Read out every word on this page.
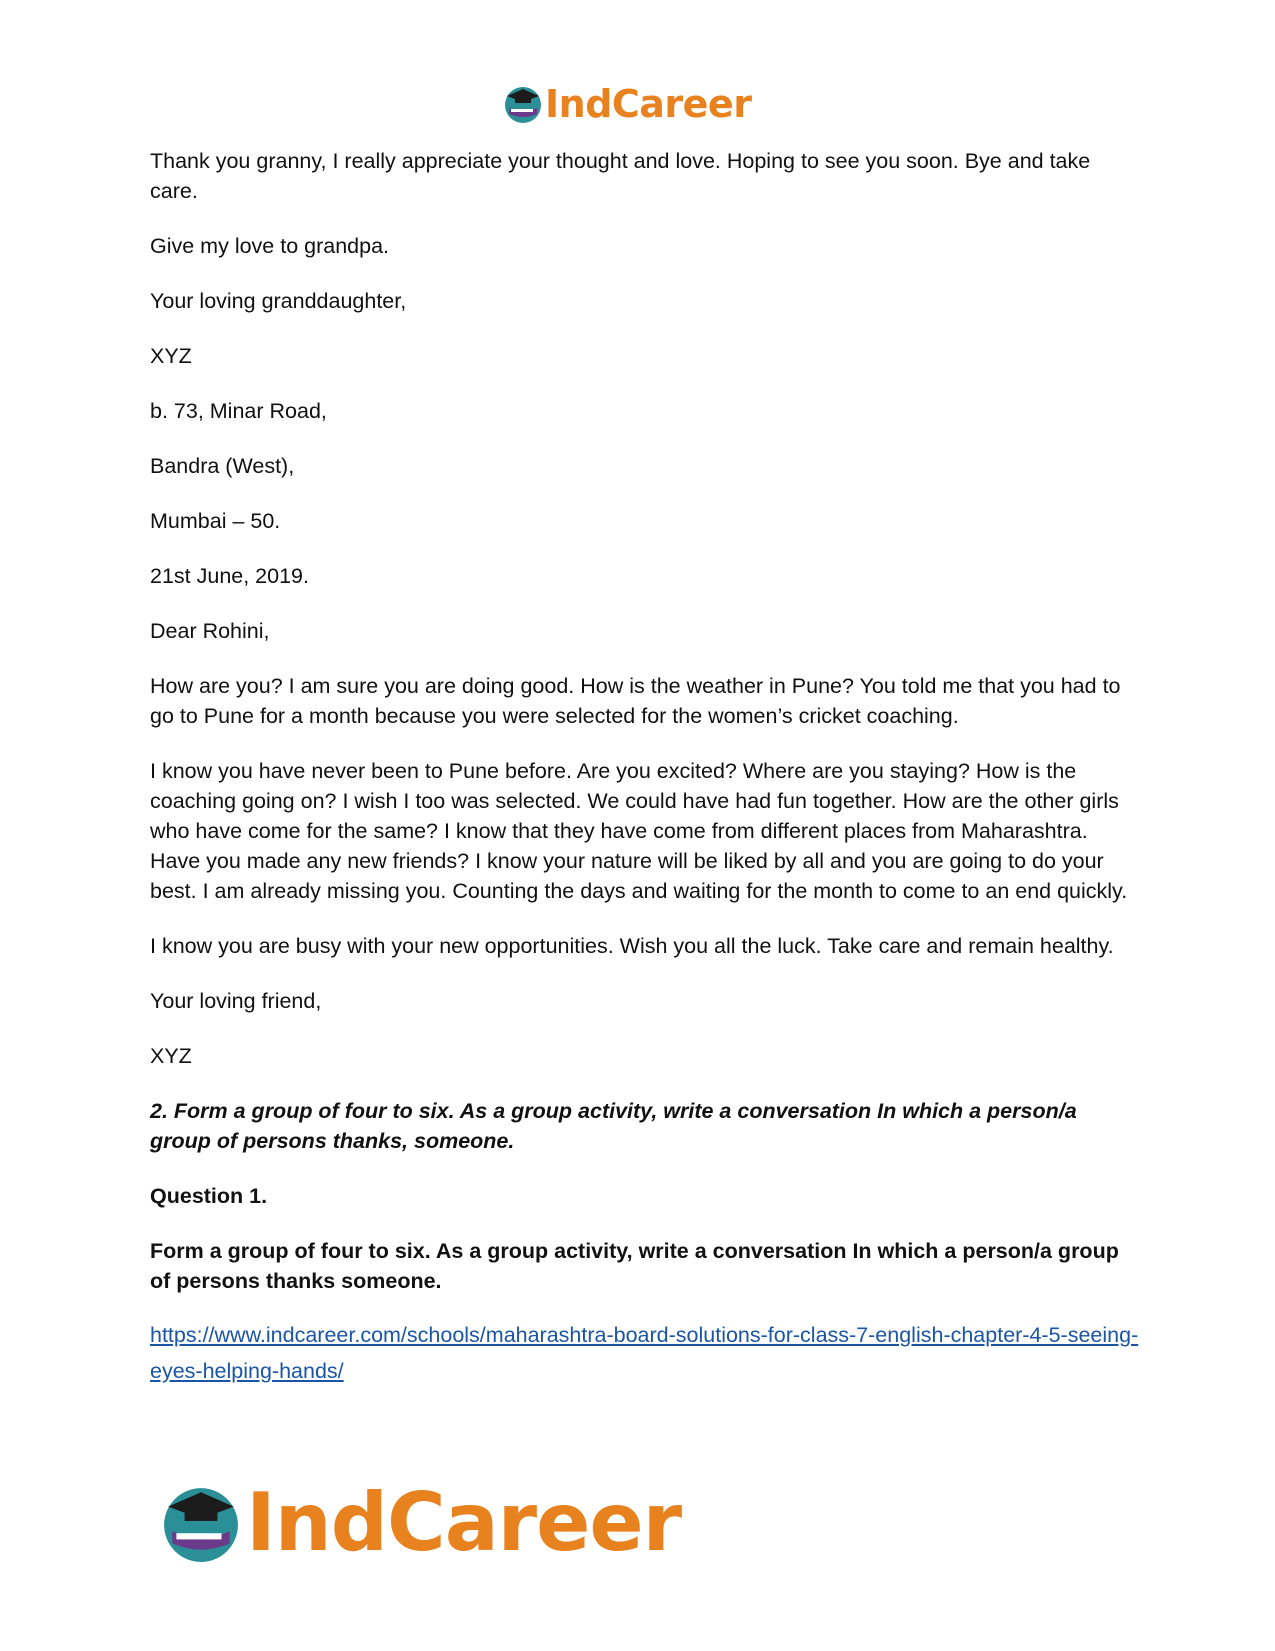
IndCareer

Thank you granny, I really appreciate your thought and love. Hoping to see you soon. Bye and take care.

Give my love to grandpa.

Your loving granddaughter,

XYZ

b. 73, Minar Road,

Bandra (West),

Mumbai – 50.

21st June, 2019.

Dear Rohini,

How are you? I am sure you are doing good. How is the weather in Pune? You told me that you had to go to Pune for a month because you were selected for the women’s cricket coaching.

I know you have never been to Pune before. Are you excited? Where are you staying? How is the coaching going on? I wish I too was selected. We could have had fun together. How are the other girls who have come for the same? I know that they have come from different places from Maharashtra. Have you made any new friends? I know your nature will be liked by all and you are going to do your best. I am already missing you. Counting the days and waiting for the month to come to an end quickly.

I know you are busy with your new opportunities. Wish you all the luck. Take care and remain healthy.

Your loving friend,

XYZ

2. Form a group of four to six. As a group activity, write a conversation In which a person/a group of persons thanks, someone.

Question 1.

Form a group of four to six. As a group activity, write a conversation In which a person/a group of persons thanks someone.

https://www.indcareer.com/schools/maharashtra-board-solutions-for-class-7-english-chapter-4-5-seeing-eyes-helping-hands/
IndCareer
